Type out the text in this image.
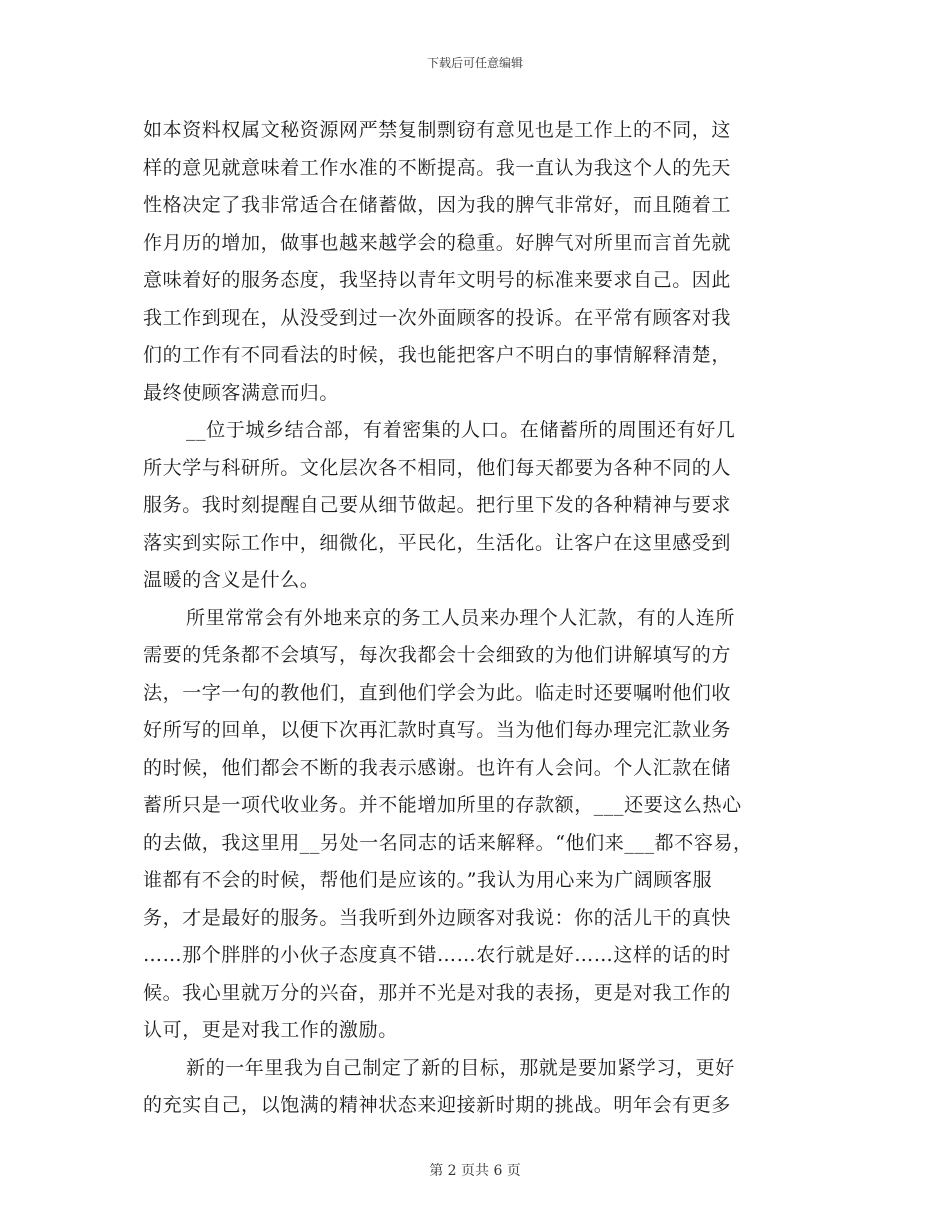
下载后可任意编辑
如本资料权属文秘资源网严禁复制剽窃有意见也是工作上的不同，这
样的意见就意味着工作水准的不断提高。我一直认为我这个人的先天
性格决定了我非常适合在储蓄做，因为我的脾气非常好，而且随着工
作月历的增加，做事也越来越学会的稳重。好脾气对所里而言首先就
意味着好的服务态度，我坚持以青年文明号的标准来要求自己。因此
我工作到现在，从没受到过一次外面顾客的投诉。在平常有顾客对我
们的工作有不同看法的时候，我也能把客户不明白的事情解释清楚，
最终使顾客满意而归。
__位于城乡结合部，有着密集的人口。在储蓄所的周围还有好几
所大学与科研所。文化层次各不相同，他们每天都要为各种不同的人
服务。我时刻提醒自己要从细节做起。把行里下发的各种精神与要求
落实到实际工作中，细微化，平民化，生活化。让客户在这里感受到
温暖的含义是什么。
所里常常会有外地来京的务工人员来办理个人汇款，有的人连所
需要的凭条都不会填写，每次我都会十会细致的为他们讲解填写的方
法，一字一句的教他们，直到他们学会为此。临走时还要嘱咐他们收
好所写的回单，以便下次再汇款时真写。当为他们每办理完汇款业务
的时候，他们都会不断的我表示感谢。也许有人会问。个人汇款在储
蓄所只是一项代收业务。并不能增加所里的存款额，___还要这么热心
的去做，我这里用__另处一名同志的话来解释。“他们来___都不容易，
谁都有不会的时候，帮他们是应该的。”我认为用心来为广阔顾客服
务，才是最好的服务。当我听到外边顾客对我说：你的活儿干的真快
……那个胖胖的小伙子态度真不错……农行就是好……这样的话的时
候。我心里就万分的兴奋，那并不光是对我的表扬，更是对我工作的
认可，更是对我工作的激励。
新的一年里我为自己制定了新的目标，那就是要加紧学习，更好
的充实自己，以饱满的精神状态来迎接新时期的挑战。明年会有更多
第 2 页共 6 页
